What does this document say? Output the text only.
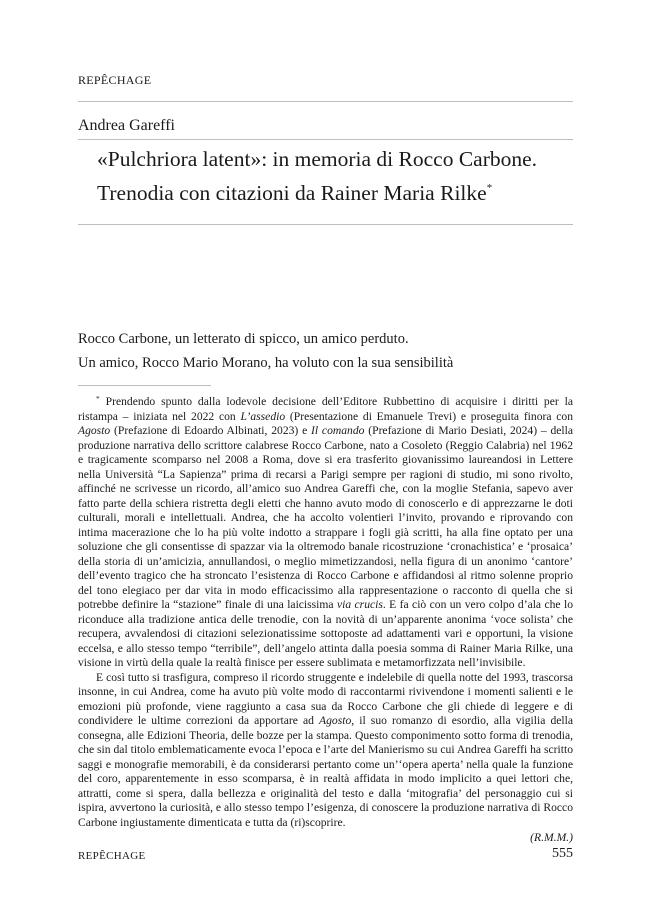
REPÊCHAGE
Andrea Gareffi
«Pulchriora latent»: in memoria di Rocco Carbone.
Trenodia con citazioni da Rainer Maria Rilke*
Rocco Carbone, un letterato di spicco, un amico perduto.
Un amico, Rocco Mario Morano, ha voluto con la sua sensibilità

* Prendendo spunto dalla lodevole decisione dell’Editore Rubbettino di acquisire i diritti per la ristampa – iniziata nel 2022 con L’assedio (Presentazione di Emanuele Trevi) e proseguita finora con Agosto (Prefazione di Edoardo Albinati, 2023) e Il comando (Prefazione di Mario Desiati, 2024) – della produzione narrativa dello scrittore calabrese Rocco Carbone, nato a Cosoleto (Reggio Calabria) nel 1962 e tragicamente scomparso nel 2008 a Roma, dove si era trasferito giovanissimo laureandosi in Lettere nella Università “La Sapienza” prima di recarsi a Parigi sempre per ragioni di studio, mi sono rivolto, affinché ne scrivesse un ricordo, all’amico suo Andrea Gareffi che, con la moglie Stefania, sapevo aver fatto parte della schiera ristretta degli eletti che hanno avuto modo di conoscerlo e di apprezzarne le doti culturali, morali e intellettuali. Andrea, che ha accolto volentieri l’invito, provando e riprovando con intima macerazione che lo ha più volte indotto a strappare i fogli già scritti, ha alla fine optato per una soluzione che gli consentisse di spazzar via la oltremodo banale ricostruzione ‘cronachistica’ e ‘prosaica’ della storia di un’amicizia, annullandosi, o meglio mimetizzandosi, nella figura di un anonimo ‘cantore’ dell’evento tragico che ha stroncato l’esistenza di Rocco Carbone e affidandosi al ritmo solenne proprio del tono elegiaco per dar vita in modo efficacissimo alla rappresentazione o racconto di quella che si potrebbe definire la “stazione” finale di una laicissima via crucis. E fa ciò con un vero colpo d’ala che lo riconduce alla tradizione antica delle trenodie, con la novità di un’apparente anonima ‘voce solista’ che recupera, avvalendosi di citazioni selezionatissime sottoposte ad adattamenti vari e opportuni, la visione eccelsa, e allo stesso tempo “terribile”, dell’angelo attinta dalla poesia somma di Rainer Maria Rilke, una visione in virtù della quale la realtà finisce per essere sublimata e metamorfizzata nell’invisibile.

E così tutto si trasfigura, compreso il ricordo struggente e indelebile di quella notte del 1993, trascorsa insonne, in cui Andrea, come ha avuto più volte modo di raccontarmi rivivendone i momenti salienti e le emozioni più profonde, viene raggiunto a casa sua da Rocco Carbone che gli chiede di leggere e di condividere le ultime correzioni da apportare ad Agosto, il suo romanzo di esordio, alla vigilia della consegna, alle Edizioni Theoria, delle bozze per la stampa. Questo componimento sotto forma di trenodia, che sin dal titolo emblematicamente evoca l’epoca e l’arte del Manierismo su cui Andrea Gareffi ha scritto saggi e monografie memorabili, è da considerarsi pertanto come un’‘opera aperta’ nella quale la funzione del coro, apparentemente in esso scomparsa, è in realtà affidata in modo implicito a quei lettori che, attratti, come si spera, dalla bellezza e originalità del testo e dalla ‘mitografia’ del personaggio cui si ispira, avvertono la curiosità, e allo stesso tempo l’esigenza, di conoscere la produzione narrativa di Rocco Carbone ingiustamente dimenticata e tutta da (ri)scoprire.

(R.M.M.)
REPÊCHAGE	555
